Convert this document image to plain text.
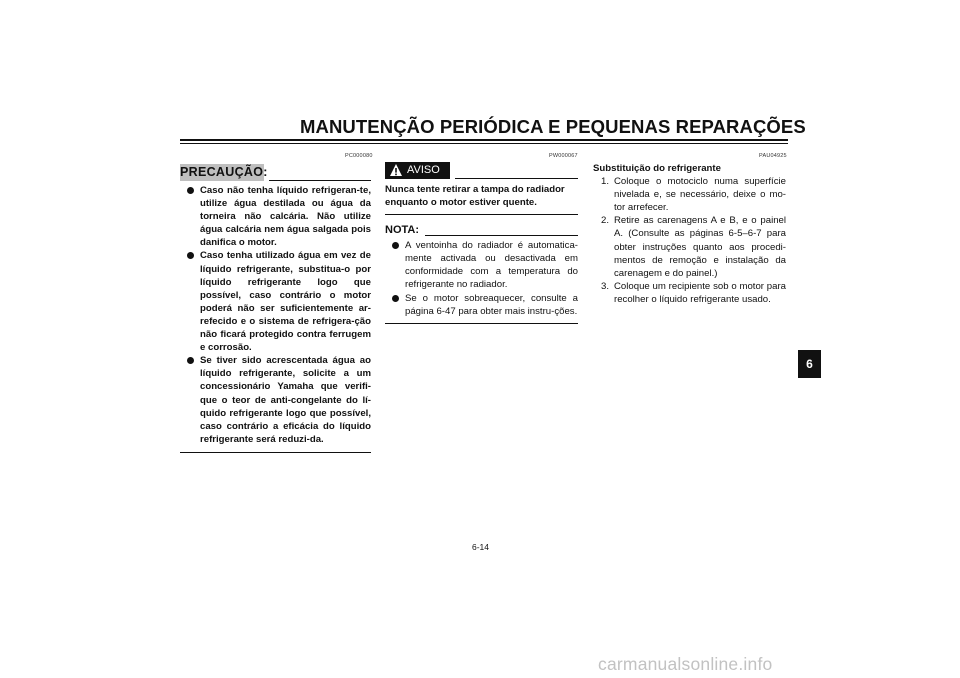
MANUTENÇÃO PERIÓDICA E PEQUENAS REPARAÇÕES
PC000080	PW000067	PAU04925
PRECAUÇÃO:
Caso não tenha líquido refrigeran-te, utilize água destilada ou água da torneira não calcária. Não utilize água calcária nem água salgada pois danifica o motor.
Caso tenha utilizado água em vez de líquido refrigerante, substitua-o por líquido refrigerante logo que possível, caso contrário o motor poderá não ser suficientemente ar-refecido e o sistema de refrigera-ção não ficará protegido contra ferrugem e corrosão.
Se tiver sido acrescentada água ao líquido refrigerante, solicite a um concessionário Yamaha que verifi-que o teor de anti-congelante do lí-quido refrigerante logo que possível, caso contrário a eficácia do líquido refrigerante será reduzi-da.
AVISO
Nunca tente retirar a tampa do radiador enquanto o motor estiver quente.
NOTA:
A ventoinha do radiador é automatica-mente activada ou desactivada em conformidade com a temperatura do refrigerante no radiador.
Se o motor sobreaquecer, consulte a página 6-47 para obter mais instru-ções.
Substituição do refrigerante
1. Coloque o motociclo numa superfície nivelada e, se necessário, deixe o mo-tor arrefecer.
2. Retire as carenagens A e B, e o painel A. (Consulte as páginas 6-5–6-7 para obter instruções quanto aos procedi-mentos de remoção e instalação da carenagem e do painel.)
3. Coloque um recipiente sob o motor para recolher o líquido refrigerante usado.
6
6-14
carmanualsonline.info
